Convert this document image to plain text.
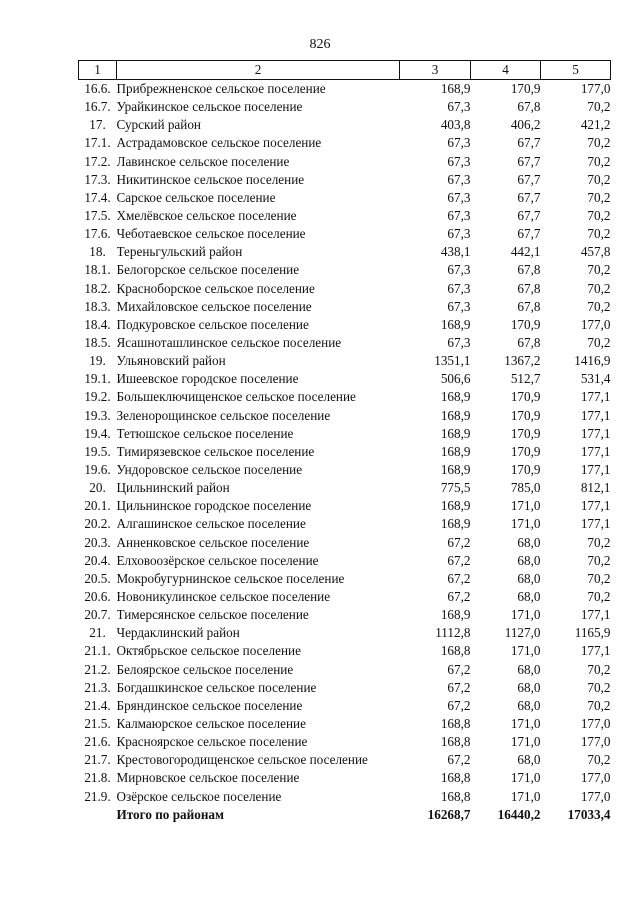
826
1	2	3	4	5
16.6.	Прибрежненское сельское поселение	168,9	170,9	177,0
16.7.	Урайкинское сельское поселение	67,3	67,8	70,2
17.	Сурский район	403,8	406,2	421,2
17.1.	Астрадамовское сельское поселение	67,3	67,7	70,2
17.2.	Лавинское сельское поселение	67,3	67,7	70,2
17.3.	Никитинское сельское поселение	67,3	67,7	70,2
17.4.	Сарское сельское поселение	67,3	67,7	70,2
17.5.	Хмелёвское сельское поселение	67,3	67,7	70,2
17.6.	Чеботаевское сельское поселение	67,3	67,7	70,2
18.	Тереньгульский район	438,1	442,1	457,8
18.1.	Белогорское сельское поселение	67,3	67,8	70,2
18.2.	Красноборское сельское поселение	67,3	67,8	70,2
18.3.	Михайловское сельское поселение	67,3	67,8	70,2
18.4.	Подкуровское сельское поселение	168,9	170,9	177,0
18.5.	Ясашноташлинское сельское поселение	67,3	67,8	70,2
19.	Ульяновский район	1351,1	1367,2	1416,9
19.1.	Ишеевское городское поселение	506,6	512,7	531,4
19.2.	Большеключищенское сельское поселение	168,9	170,9	177,1
19.3.	Зеленорощинское сельское поселение	168,9	170,9	177,1
19.4.	Тетюшское сельское поселение	168,9	170,9	177,1
19.5.	Тимирязевское сельское поселение	168,9	170,9	177,1
19.6.	Ундоровское сельское поселение	168,9	170,9	177,1
20.	Цильнинский район	775,5	785,0	812,1
20.1.	Цильнинское городское поселение	168,9	171,0	177,1
20.2.	Алгашинское сельское поселение	168,9	171,0	177,1
20.3.	Анненковское сельское поселение	67,2	68,0	70,2
20.4.	Елховоозёрское сельское поселение	67,2	68,0	70,2
20.5.	Мокробугурнинское сельское поселение	67,2	68,0	70,2
20.6.	Новоникулинское сельское поселение	67,2	68,0	70,2
20.7.	Тимерсянское сельское поселение	168,9	171,0	177,1
21.	Чердаклинский район	1112,8	1127,0	1165,9
21.1.	Октябрьское сельское поселение	168,8	171,0	177,1
21.2.	Белоярское сельское поселение	67,2	68,0	70,2
21.3.	Богдашкинское сельское поселение	67,2	68,0	70,2
21.4.	Бряндинское сельское поселение	67,2	68,0	70,2
21.5.	Калмаюрское сельское поселение	168,8	171,0	177,0
21.6.	Красноярское сельское поселение	168,8	171,0	177,0
21.7.	Крестовогородищенское сельское поселение	67,2	68,0	70,2
21.8.	Мирновское сельское поселение	168,8	171,0	177,0
21.9.	Озёрское сельское поселение	168,8	171,0	177,0
	Итого по районам	16268,7	16440,2	17033,4
